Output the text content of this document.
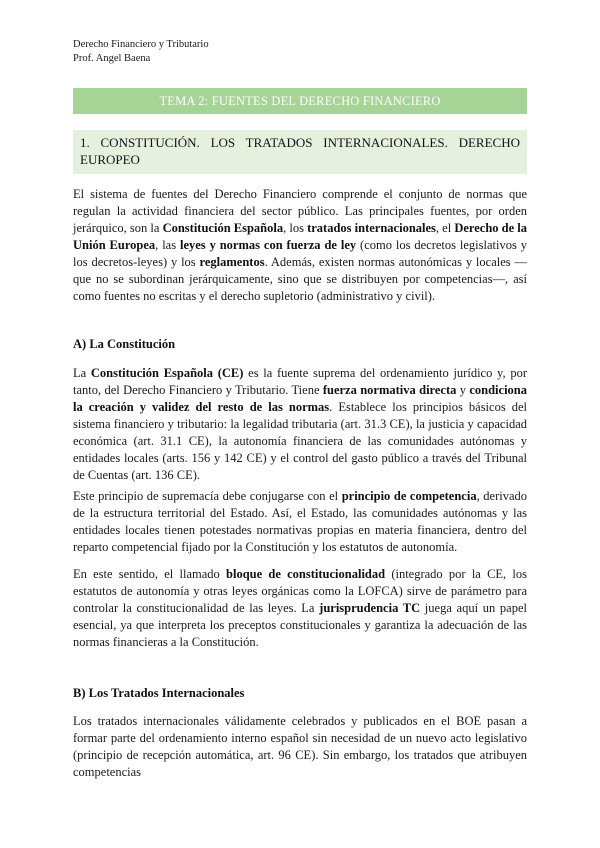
Derecho Financiero y Tributario
Prof. Angel Baena
TEMA 2: FUENTES DEL DERECHO FINANCIERO
1. CONSTITUCIÓN. LOS TRATADOS INTERNACIONALES. DERECHO EUROPEO
El sistema de fuentes del Derecho Financiero comprende el conjunto de normas que regulan la actividad financiera del sector público. Las principales fuentes, por orden jerárquico, son la Constitución Española, los tratados internacionales, el Derecho de la Unión Europea, las leyes y normas con fuerza de ley (como los decretos legislativos y los decretos-leyes) y los reglamentos. Además, existen normas autonómicas y locales —que no se subordinan jerárquicamente, sino que se distribuyen por competencias—, así como fuentes no escritas y el derecho supletorio (administrativo y civil).
A) La Constitución
La Constitución Española (CE) es la fuente suprema del ordenamiento jurídico y, por tanto, del Derecho Financiero y Tributario. Tiene fuerza normativa directa y condiciona la creación y validez del resto de las normas. Establece los principios básicos del sistema financiero y tributario: la legalidad tributaria (art. 31.3 CE), la justicia y capacidad económica (art. 31.1 CE), la autonomía financiera de las comunidades autónomas y entidades locales (arts. 156 y 142 CE) y el control del gasto público a través del Tribunal de Cuentas (art. 136 CE).
Este principio de supremacía debe conjugarse con el principio de competencia, derivado de la estructura territorial del Estado. Así, el Estado, las comunidades autónomas y las entidades locales tienen potestades normativas propias en materia financiera, dentro del reparto competencial fijado por la Constitución y los estatutos de autonomía.
En este sentido, el llamado bloque de constitucionalidad (integrado por la CE, los estatutos de autonomía y otras leyes orgánicas como la LOFCA) sirve de parámetro para controlar la constitucionalidad de las leyes. La jurisprudencia TC juega aquí un papel esencial, ya que interpreta los preceptos constitucionales y garantiza la adecuación de las normas financieras a la Constitución.
B) Los Tratados Internacionales
Los tratados internacionales válidamente celebrados y publicados en el BOE pasan a formar parte del ordenamiento interno español sin necesidad de un nuevo acto legislativo (principio de recepción automática, art. 96 CE). Sin embargo, los tratados que atribuyen competencias
